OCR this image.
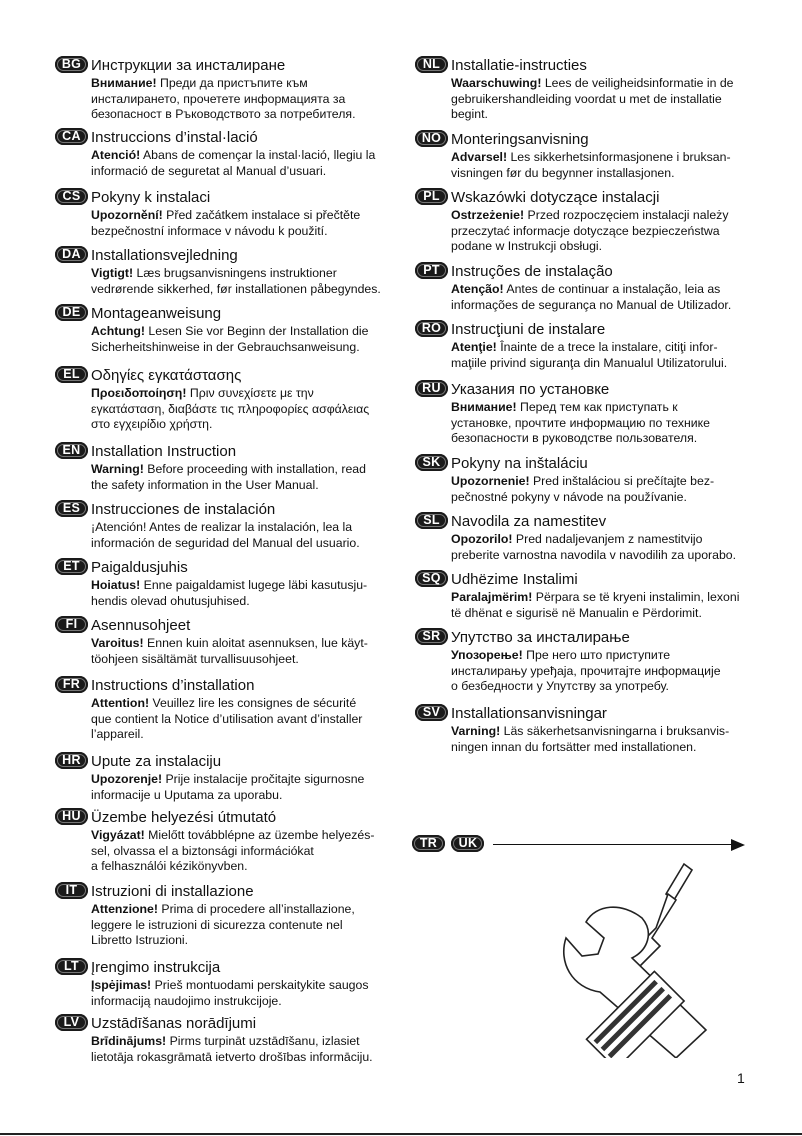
BG Инструкции за инсталиране
Внимание! Преди да пристъпите към
инсталирането, прочетете информацията за
безопасност в Ръководството за потребителя.
CA Instruccions d’instal·lació
Atenció! Abans de començar la instal·lació, llegiu la
informació de seguretat al Manual d’usuari.
CS Pokyny k instalaci
Upozornění! Před začátkem instalace si přečtěte
bezpečnostní informace v návodu k použití.
DA Installationsvejledning
Vigtigt! Læs brugsanvisningens instruktioner
vedrørende sikkerhed, før installationen påbegyndes.
DE Montageanweisung
Achtung! Lesen Sie vor Beginn der Installation die
Sicherheitshinweise in der Gebrauchsanweisung.
EL Οδηγίες εγκατάστασης
Προειδοποίηση! Πριν συνεχίσετε με την
εγκατάσταση, διαβάστε τις πληροφορίες ασφάλειας
στο εγχειρίδιο χρήστη.
EN Installation Instruction
Warning! Before proceeding with installation, read
the safety information in the User Manual.
ES Instrucciones de instalación
¡Atención! Antes de realizar la instalación, lea la
información de seguridad del Manual del usuario.
ET Paigaldusjuhis
Hoiatus! Enne paigaldamist lugege läbi kasutusju-
hendis olevad ohutusjuhised.
FI Asennusohjeet
Varoitus! Ennen kuin aloitat asennuksen, lue käyt-
töohjeen sisältämät turvallisuusohjeet.
FR Instructions d’installation
Attention! Veuillez lire les consignes de sécurité
que contient la Notice d’utilisation avant d’installer
l’appareil.
HR Upute za instalaciju
Upozorenje! Prije instalacije pročitajte sigurnosne
informacije u Uputama za uporabu.
HU Üzembe helyezési útmutató
Vigyázat! Mielőtt továbblépne az üzembe helyezés-
sel, olvassa el a biztonsági információkat
a felhasználói kézikönyvben.
IT Istruzioni di installazione
Attenzione! Prima di procedere all’installazione,
leggere le istruzioni di sicurezza contenute nel
Libretto Istruzioni.
LT Įrengimo instrukcija
Įspėjimas! Prieš montuodami perskaitykite saugos
informaciją naudojimo instrukcijoje.
LV Uzstādīšanas norādījumi
Brīdinājums! Pirms turpināt uzstādīšanu, izlasiet
lietotāja rokasgrāmatā ietverto drošības informāciju.
NL Installatie-instructies
Waarschuwing! Lees de veiligheidsinformatie in de
gebruikershandleiding voordat u met de installatie
begint.
NO Monteringsanvisning
Advarsel! Les sikkerhetsinformasjonene i bruksan-
visningen før du begynner installasjonen.
PL Wskazówki dotyczące instalacji
Ostrzeżenie! Przed rozpoczęciem instalacji należy
przeczytać informacje dotyczące bezpieczeństwa
podane w Instrukcji obsługi.
PT Instruções de instalação
Atenção! Antes de continuar a instalação, leia as
informações de segurança no Manual de Utilizador.
RO Instrucţiuni de instalare
Atenţie! Înainte de a trece la instalare, citiţi infor-
maţiile privind siguranţa din Manualul Utilizatorului.
RU Указания по установке
Внимание! Перед тем как приступать к
установке, прочтите информацию по технике
безопасности в руководстве пользователя.
SK Pokyny na inštaláciu
Upozornenie! Pred inštaláciou si prečítajte bez-
pečnostné pokyny v návode na používanie.
SL Navodila za namestitev
Opozorilo! Pred nadaljevanjem z namestitvijo
preberite varnostna navodila v navodilih za uporabo.
SQ Udhëzime Instalimi
Paralajmërim! Përpara se të kryeni instalimin, lexoni
të dhënat e sigurisë në Manualin e Përdorimit.
SR Упутство за инсталирање
Упозорење! Пре него што приступите
инсталирању уређаја, прочитајте информације
о безбедности у Упутству за употребу.
SV Installationsanvisningar
Varning! Läs säkerhetsanvisningarna i bruksanvis-
ningen innan du fortsätter med installationen.
TR UK
1
